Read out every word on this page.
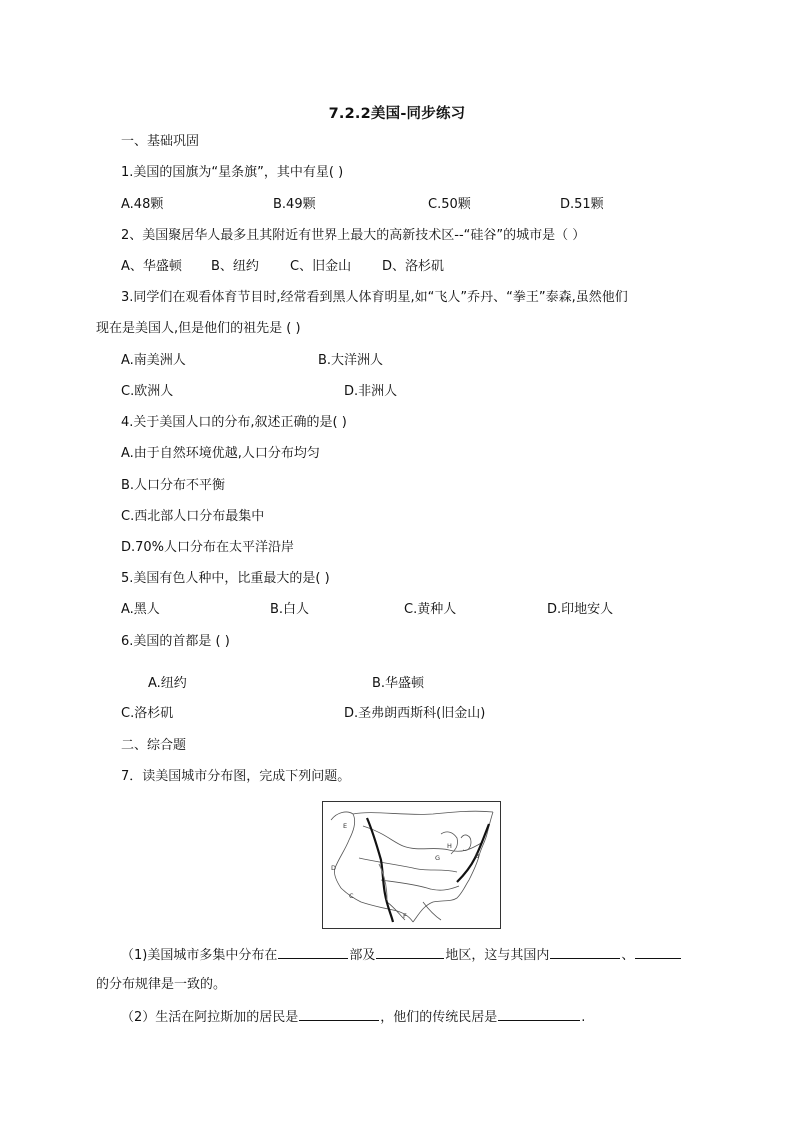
7.2.2美国-同步练习
一、基础巩固
1.美国的国旗为“星条旗”，其中有星( )
A.48颗	B.49颗	C.50颗	D.51颗
2、美国聚居华人最多且其附近有世界上最大的高新技术区--“硅谷”的城市是（ ）
A、华盛顿 B、纽约 C、旧金山 D、洛杉矶
3.同学们在观看体育节目时,经常看到黑人体育明星,如“飞人”乔丹、“拳王”泰森,虽然他们
现在是美国人,但是他们的祖先是 ( )
A.南美洲人	B.大洋洲人
C.欧洲人	D.非洲人
4.关于美国人口的分布,叙述正确的是( )
A.由于自然环境优越,人口分布均匀
B.人口分布不平衡
C.西北部人口分布最集中
D.70%人口分布在太平洋沿岸
5.美国有色人种中，比重最大的是( )
A.黑人	B.白人	C.黄种人	D.印地安人
6.美国的首都是 ( )
A.纽约	B.华盛顿
C.洛杉矶	D.圣弗朗西斯科(旧金山)
二、综合题
7．读美国城市分布图，完成下列问题。
E
D
C
F
G
H
B
（1)美国城市多集中分布在	部及	地区，这与其国内	、
的分布规律是一致的。
（2）生活在阿拉斯加的居民是	，他们的传统民居是	.
